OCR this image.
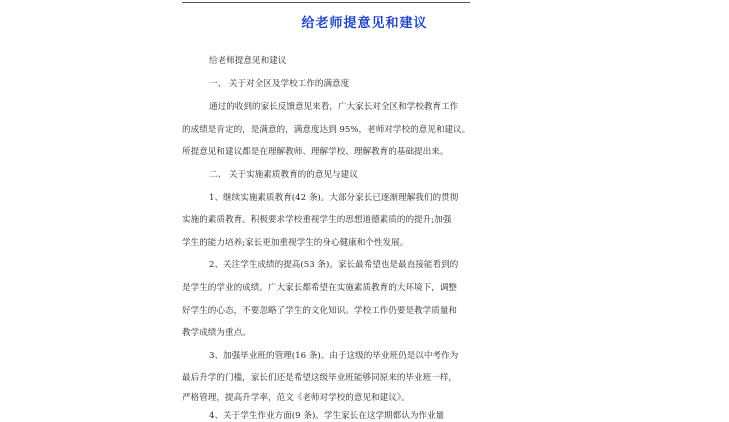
给老师提意见和建议
给老师提意见和建议
一、 关于对全区及学校工作的满意度
通过的收到的家长反馈意见来看，广大家长对全区和学校教育工作
的成绩是肯定的，是满意的，满意度达到 95%，老师对学校的意见和建议。
所提意见和建议都是在理解教师、理解学校、理解教育的基础提出来。
二、 关于实施素质教育的的意见与建议
1、继续实施素质教育(42 条)。大部分家长已逐渐理解我们的贯彻
实施的素质教育。积极要求学校重视学生的思想道德素质的的提升;加强
学生的能力培养;家长更加重视学生的身心健康和个性发展。
2、关注学生成绩的提高(53 条)。家长最希望也是最直接能看到的
是学生的学业的成绩。广大家长都希望在实施素质教育的大环境下，调整
好学生的心态，不要忽略了学生的文化知识。学校工作仍要是教学质量和
教学成绩为重点。
3、加强毕业班的管理(16 条)。由于这级的毕业班仍是以中考作为
最后升学的门槛，家长们还是希望这级毕业班能够同原来的毕业班一样，
严格管理，提高升学率，范文《老师对学校的意见和建议》。
4、关于学生作业方面(9 条)。学生家长在这学期都认为作业量
